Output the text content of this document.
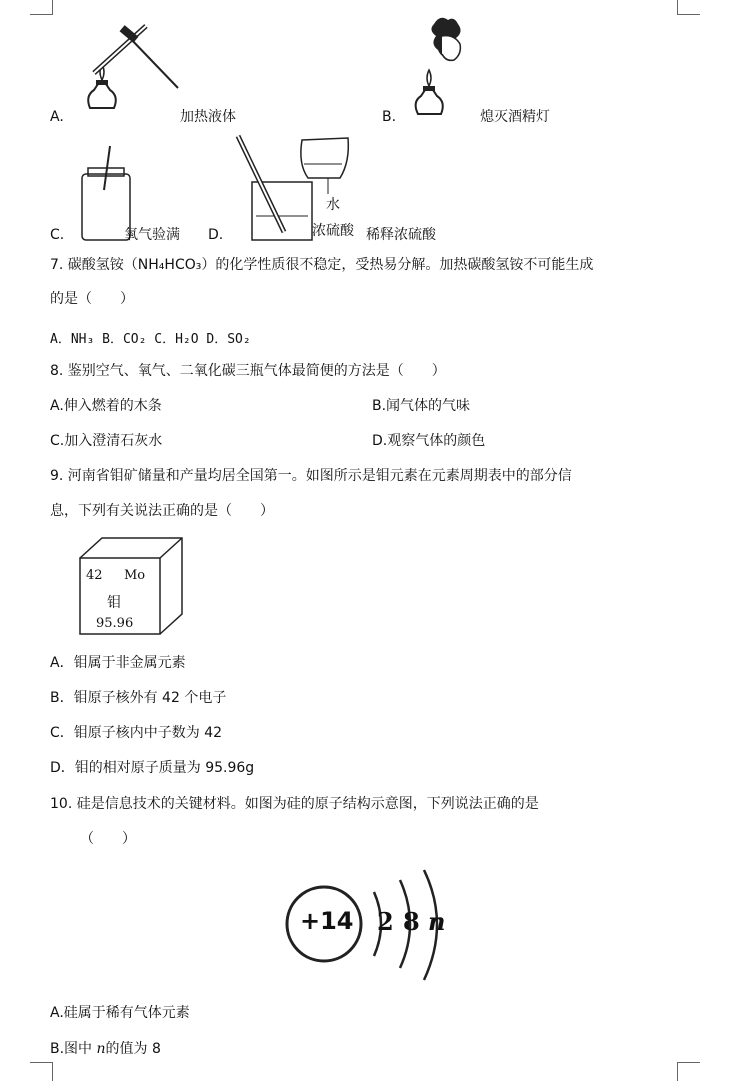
A.	加热液体	B.	熄灭酒精灯
C.	氧气验满 D.
水
浓硫酸 稀释浓硫酸
7. 碳酸氢铵（NH₄HCO₃）的化学性质很不稳定，受热易分解。加热碳酸氢铵不可能生成
的是（　　）
A．NH₃ B．CO₂ C．H₂O D．SO₂
8. 鉴别空气、氧气、二氧化碳三瓶气体最简便的方法是（　　）
A.伸入燃着的木条	B.闻气体的气味
C.加入澄清石灰水	D.观察气体的颜色
9. 河南省钼矿储量和产量均居全国第一。如图所示是钼元素在元素周期表中的部分信
息，下列有关说法正确的是（　　）
42 Mo
钼
95.96
A．钼属于非金属元素
B．钼原子核外有 42 个电子
C．钼原子核内中子数为 42
D．钼的相对原子质量为 95.96g
10. 硅是信息技术的关键材料。如图为硅的原子结构示意图，下列说法正确的是
（　　）
+14 2 8 n
A.硅属于稀有气体元素
B.图中 n的值为 8
